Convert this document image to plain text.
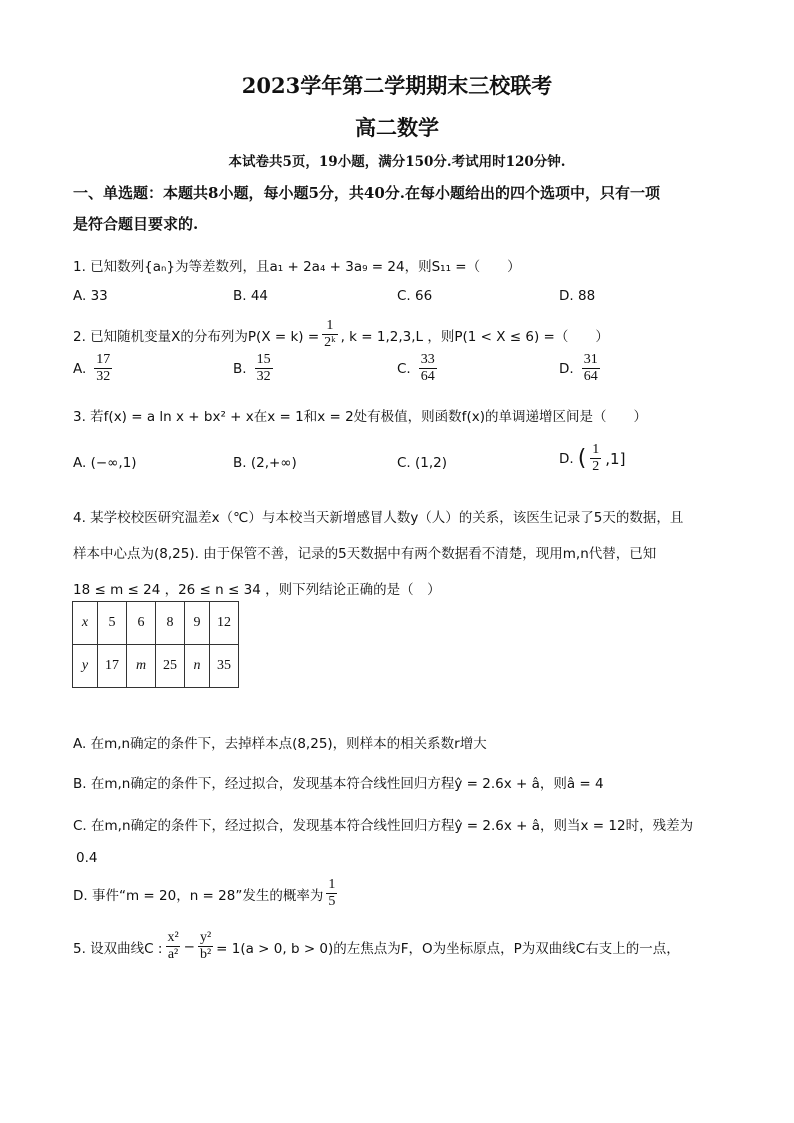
2023学年第二学期期末三校联考
高二数学
本试卷共5页，19小题，满分150分.考试用时120分钟.
一、单选题：本题共8小题，每小题5分，共40分.在每小题给出的四个选项中，只有一项
是符合题目要求的.
1. 已知数列{aₙ}为等差数列，且a₁ + 2a₄ + 3a₉ = 24，则S₁₁ =（　　）
A. 33	B. 44	C. 66	D. 88
2. 已知随机变量X的分布列为$P(X = k) = \frac{1}{\text{2ᵏ}}$ , k = 1,2,3,L ，则P(1 < X ≤ 6) =（　　）
A. $\frac{17}{32}$	B. $\frac{15}{32}$	C. $\frac{33}{64}$	D. $\frac{31}{64}$
3. 若f(x) = a ln x + bx² + x在x = 1和x = 2处有极值，则函数f(x)的单调递增区间是（　　）
A. (−∞,1)	B. (2,+∞)	C. (1,2)	D. ( $\frac{1}{2} ,1$]
4. 某学校校医研究温差x（℃）与本校当天新增感冒人数y（人）的关系，该医生记录了5天的数据，且
样本中心点为(8,25). 由于保管不善，记录的5天数据中有两个数据看不清楚，现用m,n代替，已知
18 ≤ m ≤ 24 ，26 ≤ n ≤ 34 ，则下列结论正确的是（　）
x	5	6	8	9	12
y	17	m	25	n	35
A. 在m,n确定的条件下，去掉样本点(8,25)，则样本的相关系数r增大
B. 在m,n确定的条件下，经过拟合，发现基本符合线性回归方程ŷ = 2.6x + â，则â = 4
C. 在m,n确定的条件下，经过拟合，发现基本符合线性回归方程ŷ = 2.6x + â，则当x = 12时，残差为
0.4
D. 事件“m = 20，n = 28”发生的概率为 $\frac{1}{5}$
5. 设双曲线C : $\frac{\text{x²}}{\text{a²}} - \frac{\text{y²}}{\text{b²}} = 1(a > 0$, b > 0)的左焦点为F，O为坐标原点，P为双曲线C右支上的一点，
